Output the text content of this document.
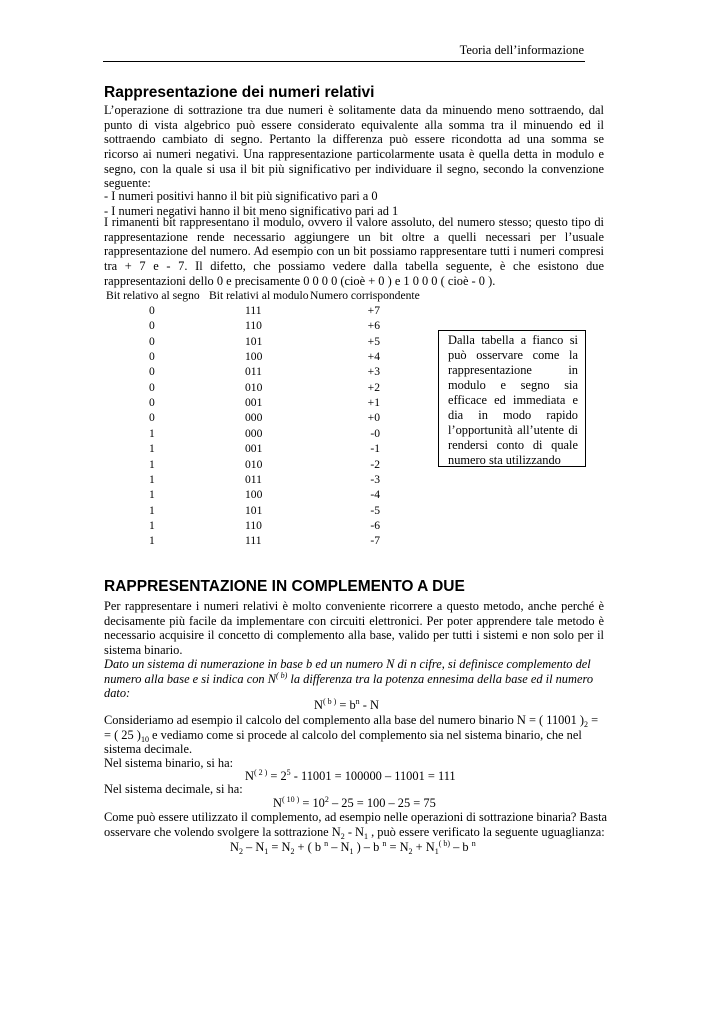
Teoria dell’informazione
Rappresentazione dei numeri relativi
L’operazione di sottrazione tra due numeri è solitamente data da minuendo meno sottraendo, dal
punto di vista algebrico può essere considerato equivalente alla somma tra il minuendo ed il
sottraendo cambiato di segno. Pertanto la differenza può essere ricondotta ad una somma se
ricorso ai numeri negativi. Una rappresentazione particolarmente usata è quella detta in modulo e
segno, con la quale si usa il bit più significativo per individuare il segno, secondo la convenzione
seguente:
- I numeri positivi hanno il bit più significativo pari a 0
- I numeri negativi hanno il bit meno significativo pari ad 1
I rimanenti bit rappresentano il modulo, ovvero il valore assoluto, del numero stesso; questo tipo di
rappresentazione rende necessario aggiungere un bit oltre a quelli necessari per l’usuale
rappresentazione del numero. Ad esempio con un bit possiamo rappresentare tutti i numeri compresi
tra + 7 e - 7. Il difetto, che possiamo vedere dalla tabella seguente, è che esistono due
rappresentazioni dello 0 e precisamente 0 0 0 0 (cioè + 0 ) e 1 0 0 0 ( cioè - 0 ).
Bit relativo al segno Bit relativi al modulo Numero corrispondente
0	111	+7
0	110	+6
0	101	+5
0	100	+4
0	011	+3
0	010	+2
0	001	+1
0	000	+0
1	000	-0
1	001	-1
1	010	-2
1	011	-3
1	100	-4
1	101	-5
1	110	-6
1	111	-7
Dalla tabella a fianco si
può osservare come la
rappresentazione in
modulo e segno sia
efficace ed immediata e
dia in modo rapido
l’opportunità all’utente di
rendersi conto di quale
numero sta utilizzando
RAPPRESENTAZIONE IN COMPLEMENTO A DUE
Per rappresentare i numeri relativi è molto conveniente ricorrere a questo metodo, anche perché è
decisamente più facile da implementare con circuiti elettronici. Per poter apprendere tale metodo è
necessario acquisire il concetto di complemento alla base, valido per tutti i sistemi e non solo per il
sistema binario.
Dato un sistema di numerazione in base b ed un numero N di n cifre, si definisce complemento del
numero alla base e si indica con $N^{( b)}$ la differenza tra la potenza ennesima della base ed il numero
dato:
$N^{( b )} = b^n - N$
Consideriamo ad esempio il calcolo del complemento alla base del numero binario N = ( 11001 )$_2$ =
= ( 25 )$_{10}$ e vediamo come si procede al calcolo del complemento sia nel sistema binario, che nel
sistema decimale.
Nel sistema binario, si ha:
$N^{( 2 )} = 2^5 - 11001 = 100000 - 11001 = 111$
Nel sistema decimale, si ha:
$N^{( 10 )} = 10^2 - 25 = 100 - 25 = 75$
Come può essere utilizzato il complemento, ad esempio nelle operazioni di sottrazione binaria? Basta
osservare che volendo svolgere la sottrazione $N_2 - N_1$ , può essere verificato la seguente uguaglianza:
$N_2 - N_1 = N_2$ + ( b $^n - N_1$ ) – b $^n = N_2 + N_1^{( b)} - b$ $^n$
